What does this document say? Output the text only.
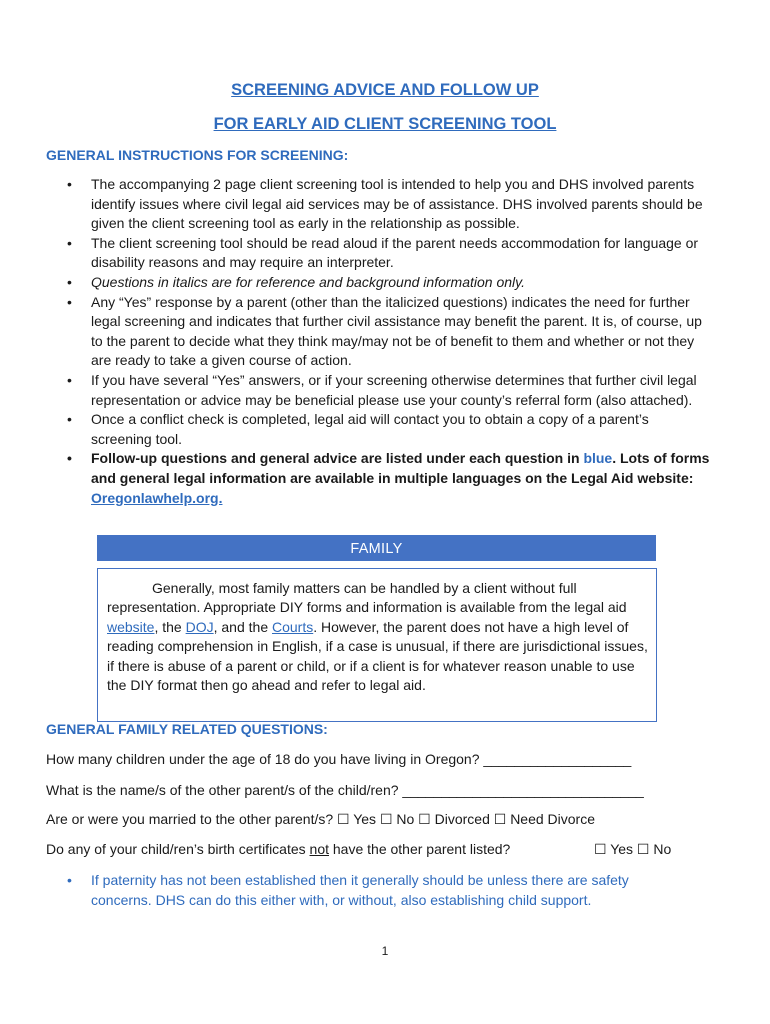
SCREENING ADVICE AND FOLLOW UP
FOR EARLY AID CLIENT SCREENING TOOL
GENERAL INSTRUCTIONS FOR SCREENING:
• The accompanying 2 page client screening tool is intended to help you and DHS involved parents identify issues where civil legal aid services may be of assistance. DHS involved parents should be given the client screening tool as early in the relationship as possible.
• The client screening tool should be read aloud if the parent needs accommodation for language or disability reasons and may require an interpreter.
• Questions in italics are for reference and background information only.
• Any “Yes” response by a parent (other than the italicized questions) indicates the need for further legal screening and indicates that further civil assistance may benefit the parent. It is, of course, up to the parent to decide what they think may/may not be of benefit to them and whether or not they are ready to take a given course of action.
• If you have several “Yes” answers, or if your screening otherwise determines that further civil legal representation or advice may be beneficial please use your county’s referral form (also attached).
• Once a conflict check is completed, legal aid will contact you to obtain a copy of a parent’s screening tool.
• Follow-up questions and general advice are listed under each question in blue. Lots of forms and general legal information are available in multiple languages on the Legal Aid website: Oregonlawhelp.org.
FAMILY
Generally, most family matters can be handled by a client without full representation. Appropriate DIY forms and information is available from the legal aid website, the DOJ, and the Courts. However, the parent does not have a high level of reading comprehension in English, if a case is unusual, if there are jurisdictional issues, if there is abuse of a parent or child, or if a client is for whatever reason unable to use the DIY format then go ahead and refer to legal aid.
GENERAL FAMILY RELATED QUESTIONS:
How many children under the age of 18 do you have living in Oregon? ___________________
What is the name/s of the other parent/s of the child/ren? _______________________________
Are or were you married to the other parent/s? ☐ Yes ☐ No ☐ Divorced ☐ Need Divorce
Do any of your child/ren’s birth certificates not have the other parent listed?	☐ Yes ☐ No
•	If paternity has not been established then it generally should be unless there are safety concerns. DHS can do this either with, or without, also establishing child support.
1
